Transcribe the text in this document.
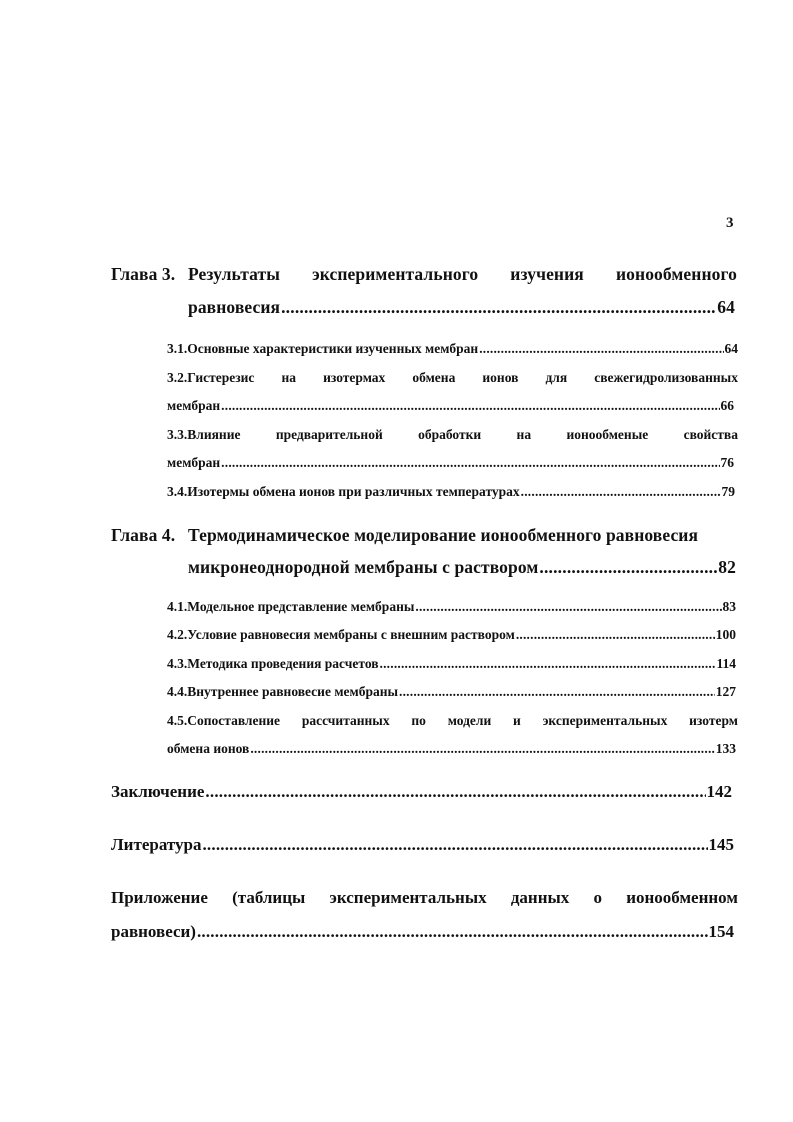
3
Глава 3. Результаты экспериментального изучения ионообменного
равновесия .....	64
3.1.Основные характеристики изученных мембран .....	64
3.2.Гистерезис на изотермах обмена ионов для свежегидролизованных
мембран .....	66
3.3.Влияние	предварительной	обработки	на	ионообменые	свойства
мембран .....	76
3.4.Изотермы обмена ионов при различных температурах .....	79
Глава 4. Термодинамическое моделирование ионообменного равновесия
микронеоднородной мембраны с раствором .....	82
4.1.Модельное представление мембраны .....	83
4.2.Условие равновесия мембраны с внешним раствором .....	100
4.3.Методика проведения расчетов .....	114
4.4.Внутреннее равновесие мембраны .....	127
4.5.Сопоставление рассчитанных по модели и экспериментальных изотерм
обмена ионов .....	133
Заключение .....	142
Литература .....	145
Приложение (таблицы экспериментальных данных о ионообменном
равновеси) .....	154
